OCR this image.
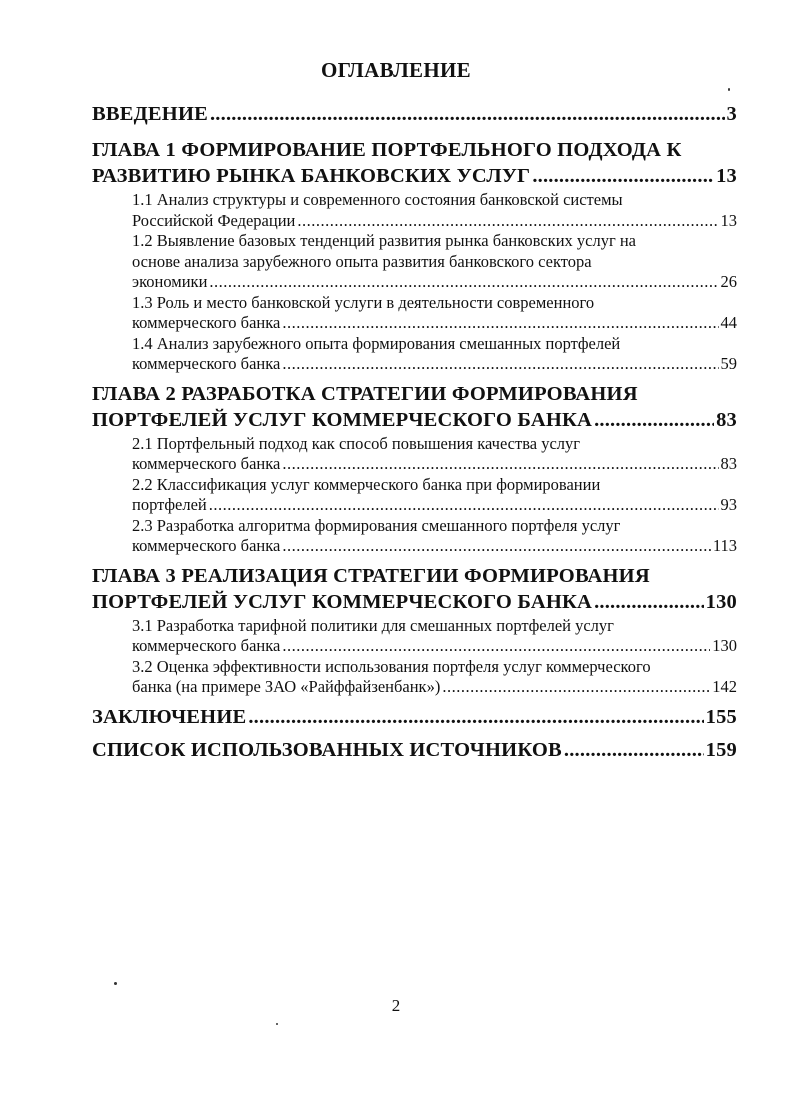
ОГЛАВЛЕНИЕ
ВВЕДЕНИЕ .....	3
ГЛАВА 1 ФОРМИРОВАНИЕ ПОРТФЕЛЬНОГО ПОДХОДА К
РАЗВИТИЮ РЫНКА БАНКОВСКИХ УСЛУГ .....	13
1.1 Анализ структуры и современного состояния банковской системы
Российской Федерации .....	13
1.2 Выявление базовых тенденций развития рынка банковских услуг на
основе анализа зарубежного опыта развития банковского сектора
экономики .....	26
1.3 Роль и место банковской услуги в деятельности современного
коммерческого банка .....	44
1.4 Анализ зарубежного опыта формирования смешанных портфелей
коммерческого банка .....	59
ГЛАВА 2 РАЗРАБОТКА СТРАТЕГИИ ФОРМИРОВАНИЯ
ПОРТФЕЛЕЙ УСЛУГ КОММЕРЧЕСКОГО БАНКА .....	83
2.1 Портфельный подход как способ повышения качества услуг
коммерческого банка .....	83
2.2 Классификация услуг коммерческого банка при формировании
портфелей .....	93
2.3 Разработка алгоритма формирования смешанного портфеля услуг
коммерческого банка .....	113
ГЛАВА 3 РЕАЛИЗАЦИЯ СТРАТЕГИИ ФОРМИРОВАНИЯ
ПОРТФЕЛЕЙ УСЛУГ КОММЕРЧЕСКОГО БАНКА .....	130
3.1 Разработка тарифной политики для смешанных портфелей услуг
коммерческого банка .....	130
3.2 Оценка эффективности использования портфеля услуг коммерческого
банка (на примере ЗАО «Райффайзенбанк») .....	142
ЗАКЛЮЧЕНИЕ .....	155
СПИСОК ИСПОЛЬЗОВАННЫХ ИСТОЧНИКОВ .....	159
2
